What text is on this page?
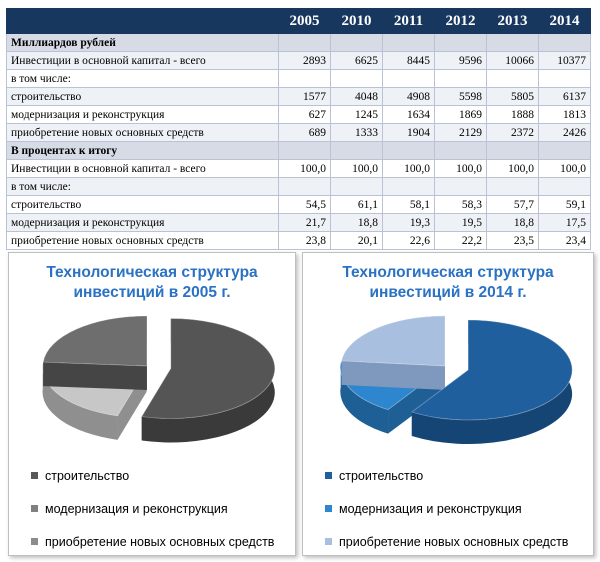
	2005	2010	2011	2012	2013	2014
Миллиардов рублей						
Инвестиции в основной капитал - всего	2893	6625	8445	9596	10066	10377
в том числе:						
строительство	1577	4048	4908	5598	5805	6137
модернизация и реконструкция	627	1245	1634	1869	1888	1813
приобретение новых основных средств	689	1333	1904	2129	2372	2426
В процентах к итогу						
Инвестиции в основной капитал - всего	100,0	100,0	100,0	100,0	100,0	100,0
в том числе:						
строительство	54,5	61,1	58,1	58,3	57,7	59,1
модернизация и реконструкция	21,7	18,8	19,3	19,5	18,8	17,5
приобретение новых основных средств	23,8	20,1	22,6	22,2	23,5	23,4
Технологическая структура
инвестиций в 2005 г.
строительство
модернизация и реконструкция
приобретение новых основных средств
Технологическая структура
инвестиций в 2014 г.
строительство
модернизация и реконструкция
приобретение новых основных средств
